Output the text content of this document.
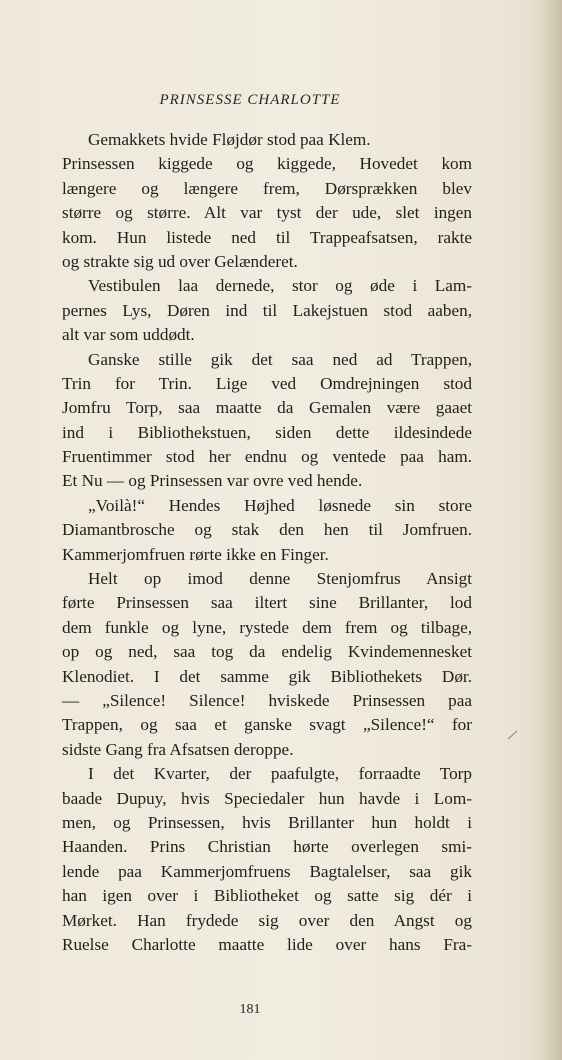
PRINSESSE CHARLOTTE
Gemakkets hvide Fløjdør stod paa Klem.
Prinsessen kiggede og kiggede, Hovedet kom
længere og længere frem, Dørsprækken blev
større og større. Alt var tyst der ude, slet ingen
kom. Hun listede ned til Trappeafsatsen, rakte
og strakte sig ud over Gelænderet.
Vestibulen laa dernede, stor og øde i Lam-
pernes Lys, Døren ind til Lakejstuen stod aaben,
alt var som uddødt.
Ganske stille gik det saa ned ad Trappen,
Trin for Trin. Lige ved Omdrejningen stod
Jomfru Torp, saa maatte da Gemalen være gaaet
ind i Bibliothekstuen, siden dette ildesindede
Fruentimmer stod her endnu og ventede paa ham.
Et Nu — og Prinsessen var ovre ved hende.
„Voilà!“ Hendes Højhed løsnede sin store
Diamantbrosche og stak den hen til Jomfruen.
Kammerjomfruen rørte ikke en Finger.
Helt op imod denne Stenjomfrus Ansigt
førte Prinsessen saa iltert sine Brillanter, lod
dem funkle og lyne, rystede dem frem og tilbage,
op og ned, saa tog da endelig Kvindemennesket
Klenodiet. I det samme gik Bibliothekets Dør.
— „Silence! Silence! hviskede Prinsessen paa
Trappen, og saa et ganske svagt „Silence!“ for
sidste Gang fra Afsatsen deroppe.
I det Kvarter, der paafulgte, forraadte Torp
baade Dupuy, hvis Speciedaler hun havde i Lom-
men, og Prinsessen, hvis Brillanter hun holdt i
Haanden. Prins Christian hørte overlegen smi-
lende paa Kammerjomfruens Bagtalelser, saa gik
han igen over i Bibliotheket og satte sig dér i
Mørket. Han frydede sig over den Angst og
Ruelse Charlotte maatte lide over hans Fra-
181
